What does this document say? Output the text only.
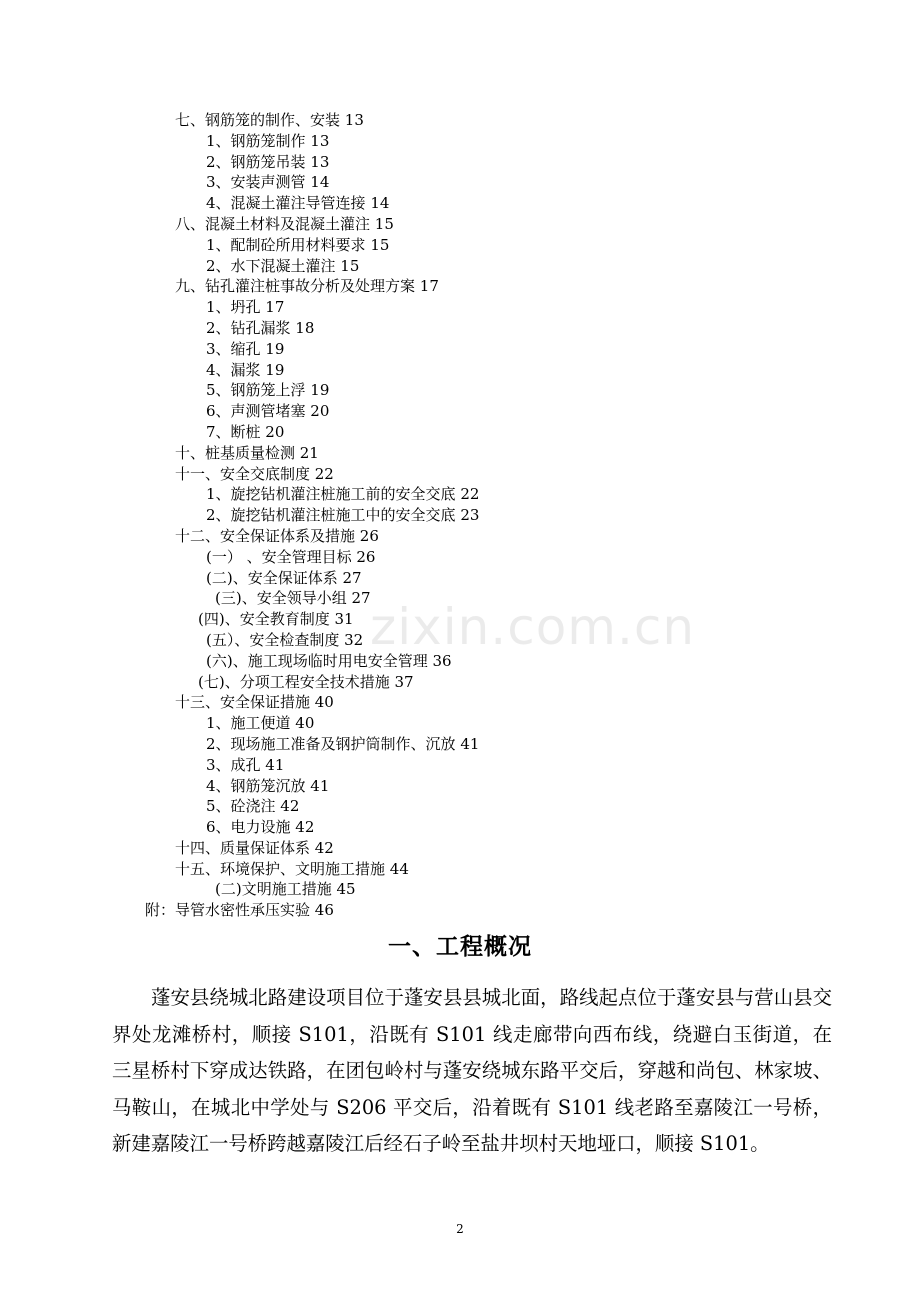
七、钢筋笼的制作、安装 13
1、钢筋笼制作 13
2、钢筋笼吊装 13
3、安装声测管 14
4、混凝土灌注导管连接 14
八、混凝土材料及混凝土灌注 15
1、配制砼所用材料要求 15
2、水下混凝土灌注 15
九、钻孔灌注桩事故分析及处理方案 17
1、坍孔 17
2、钻孔漏浆 18
3、缩孔 19
4、漏浆 19
5、钢筋笼上浮 19
6、声测管堵塞 20
7、断桩 20
十、桩基质量检测 21
十一、安全交底制度 22
1、旋挖钻机灌注桩施工前的安全交底 22
2、旋挖钻机灌注桩施工中的安全交底 23
十二、安全保证体系及措施 26
(一） 、安全管理目标 26
(二)、安全保证体系 27
(三)、安全领导小组 27
(四)、安全教育制度 31
(五）、安全检查制度 32
(六)、施工现场临时用电安全管理 36
(七)、分项工程安全技术措施 37
十三、安全保证措施 40
1、施工便道 40
2、现场施工准备及钢护筒制作、沉放 41
3、成孔 41
4、钢筋笼沉放 41
5、砼浇注 42
6、电力设施 42
十四、质量保证体系 42
十五、环境保护、文明施工措施 44
(二)文明施工措施 45
附：导管水密性承压实验 46
一、工程概况
蓬安县绕城北路建设项目位于蓬安县县城北面，路线起点位于蓬安县与营山县交界处龙滩桥村，顺接 S101，沿既有 S101 线走廊带向西布线，绕避白玉街道，在三星桥村下穿成达铁路，在团包岭村与蓬安绕城东路平交后，穿越和尚包、林家坡、马鞍山，在城北中学处与 S206 平交后，沿着既有 S101 线老路至嘉陵江一号桥，新建嘉陵江一号桥跨越嘉陵江后经石子岭至盐井坝村天地垭口，顺接 S101。
2
zixin.com.cn
